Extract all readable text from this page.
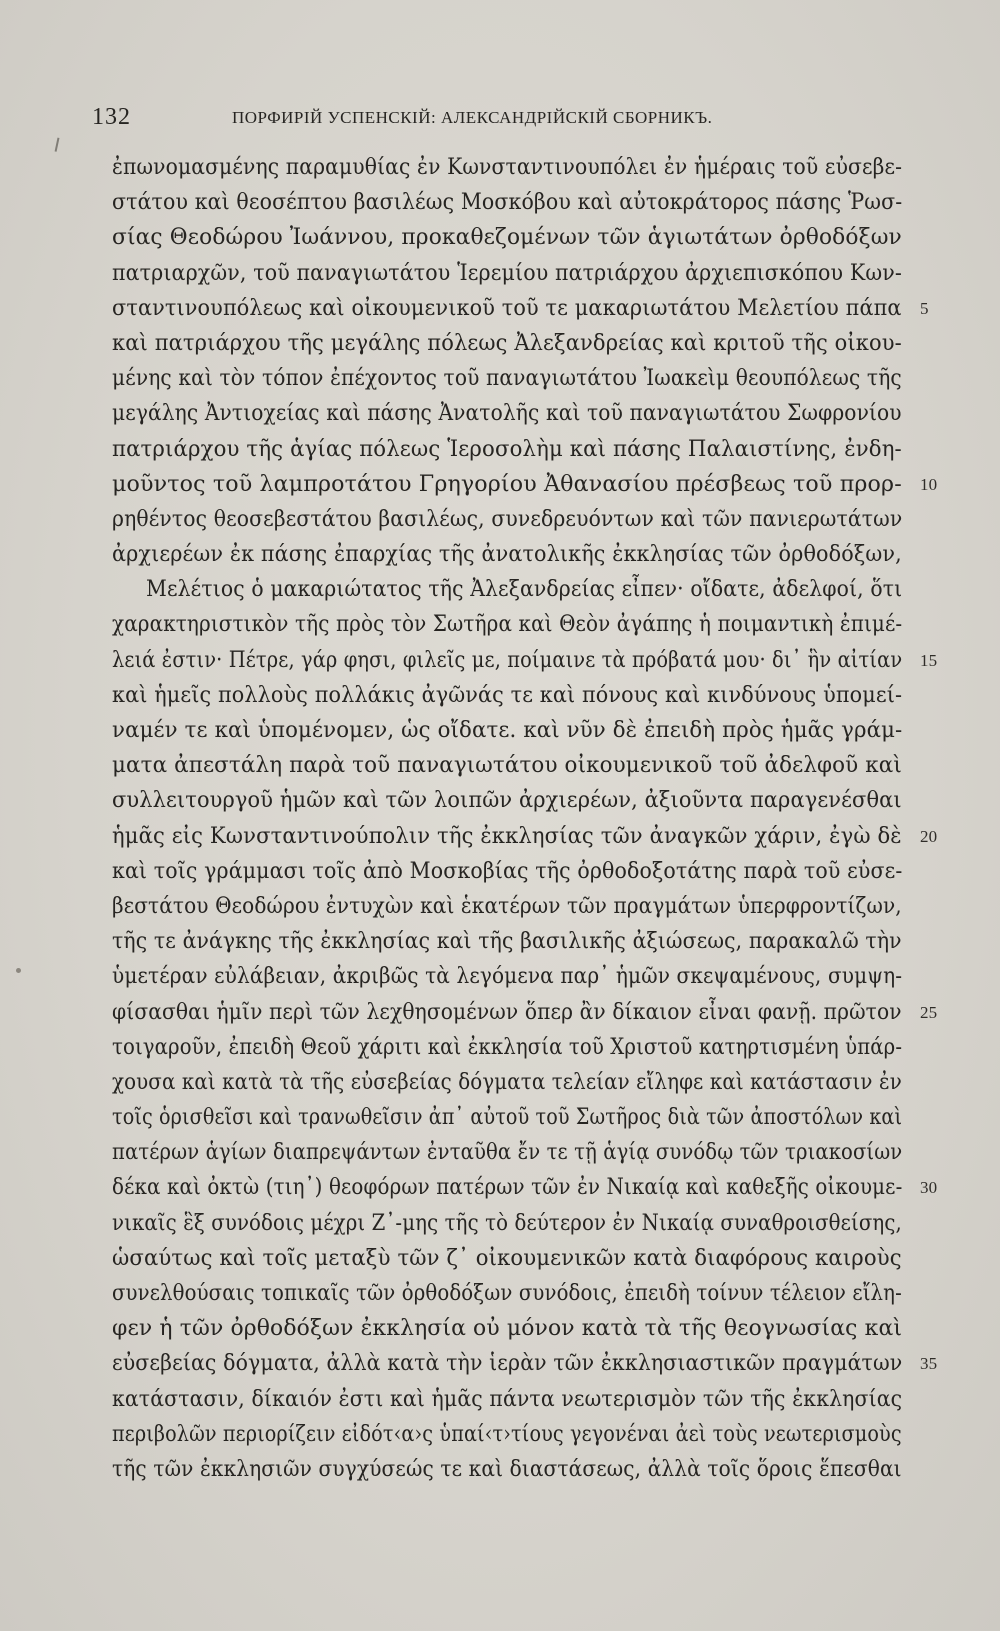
132	ПОРФИРІЙ УСПЕНСКІЙ: АЛЕКСАНДРІЙСКІЙ СБОРНИКЪ.
ἐπωνομασμένης παραμυθίας ἐν Κωνσταντινουπόλει ἐν ἡμέραις τοῦ εὐσεβε-
στάτου καὶ θεοσέπτου βασιλέως Μοσκόβου καὶ αὐτοκράτορος πάσης Ῥωσ-
σίας Θεοδώρου Ἰωάννου, προκαθεζομένων τῶν ἁγιωτάτων ὀρθοδόξων
πατριαρχῶν, τοῦ παναγιωτάτου Ἱερεμίου πατριάρχου ἀρχιεπισκόπου Κων-
σταντινουπόλεως καὶ οἰκουμενικοῦ τοῦ τε μακαριωτάτου Μελετίου πάπα 5
καὶ πατριάρχου τῆς μεγάλης πόλεως Ἀλεξανδρείας καὶ κριτοῦ τῆς οἰκου-
μένης καὶ τὸν τόπον ἐπέχοντος τοῦ παναγιωτάτου Ἰωακεὶμ θεουπόλεως τῆς
μεγάλης Ἀντιοχείας καὶ πάσης Ἀνατολῆς καὶ τοῦ παναγιωτάτου Σωφρονίου
πατριάρχου τῆς ἁγίας πόλεως Ἱεροσολὴμ καὶ πάσης Παλαιστίνης, ἐνδη-
μοῦντος τοῦ λαμπροτάτου Γρηγορίου Ἀθανασίου πρέσβεως τοῦ προρ- 10
ρηθέντος θεοσεβεστάτου βασιλέως, συνεδρευόντων καὶ τῶν πανιερωτάτων
ἀρχιερέων ἐκ πάσης ἐπαρχίας τῆς ἀνατολικῆς ἐκκλησίας τῶν ὀρθοδόξων,
Μελέτιος ὁ μακαριώτατος τῆς Ἀλεξανδρείας εἶπεν· οἴδατε, ἀδελφοί, ὅτι
χαρακτηριστικὸν τῆς πρὸς τὸν Σωτῆρα καὶ Θεὸν ἀγάπης ἡ ποιμαντικὴ ἐπιμέ-
λειά ἐστιν· Πέτρε, γάρ φησι, φιλεῖς με, ποίμαινε τὰ πρόβατά μου· δι᾽ ἣν αἰτίαν 15
καὶ ἡμεῖς πολλοὺς πολλάκις ἀγῶνάς τε καὶ πόνους καὶ κινδύνους ὑπομεί-
ναμέν τε καὶ ὑπομένομεν, ὡς οἴδατε. καὶ νῦν δὲ ἐπειδὴ πρὸς ἡμᾶς γράμ-
ματα ἀπεστάλη παρὰ τοῦ παναγιωτάτου οἰκουμενικοῦ τοῦ ἀδελφοῦ καὶ
συλλειτουργοῦ ἡμῶν καὶ τῶν λοιπῶν ἀρχιερέων, ἀξιοῦντα παραγενέσθαι
ἡμᾶς εἰς Κωνσταντινούπολιν τῆς ἐκκλησίας τῶν ἀναγκῶν χάριν, ἐγὼ δὲ 20
καὶ τοῖς γράμμασι τοῖς ἀπὸ Μοσκοβίας τῆς ὀρθοδοξοτάτης παρὰ τοῦ εὐσε-
βεστάτου Θεοδώρου ἐντυχὼν καὶ ἑκατέρων τῶν πραγμάτων ὑπερφροντίζων,
τῆς τε ἀνάγκης τῆς ἐκκλησίας καὶ τῆς βασιλικῆς ἀξιώσεως, παρακαλῶ τὴν
ὑμετέραν εὐλάβειαν, ἀκριβῶς τὰ λεγόμενα παρ᾽ ἡμῶν σκεψαμένους, συμψη-
φίσασθαι ἡμῖν περὶ τῶν λεχθησομένων ὅπερ ἂν δίκαιον εἶναι φανῇ. πρῶτον 25
τοιγαροῦν, ἐπειδὴ Θεοῦ χάριτι καὶ ἐκκλησία τοῦ Χριστοῦ κατηρτισμένη ὑπάρ-
χουσα καὶ κατὰ τὰ τῆς εὐσεβείας δόγματα τελείαν εἴληφε καὶ κατάστασιν ἐν
τοῖς ὁρισθεῖσι καὶ τρανωθεῖσιν ἀπ᾽ αὐτοῦ τοῦ Σωτῆρος διὰ τῶν ἀποστόλων καὶ
πατέρων ἁγίων διαπρεψάντων ἐνταῦθα ἔν τε τῇ ἁγίᾳ συνόδῳ τῶν τριακοσίων
δέκα καὶ ὀκτὼ (τιη᾽) θεοφόρων πατέρων τῶν ἐν Νικαίᾳ καὶ καθεξῆς οἰκουμε- 30
νικαῖς ἓξ συνόδοις μέχρι Ζ᾽-μης τῆς τὸ δεύτερον ἐν Νικαίᾳ συναθροισθείσης,
ὡσαύτως καὶ τοῖς μεταξὺ τῶν ζ᾽ οἰκουμενικῶν κατὰ διαφόρους καιροὺς
συνελθούσαις τοπικαῖς τῶν ὀρθοδόξων συνόδοις, ἐπειδὴ τοίνυν τέλειον εἴλη-
φεν ἡ τῶν ὀρθοδόξων ἐκκλησία οὐ μόνον κατὰ τὰ τῆς θεογνωσίας καὶ
εὐσεβείας δόγματα, ἀλλὰ κατὰ τὴν ἱερὰν τῶν ἐκκλησιαστικῶν πραγμάτων 35
κατάστασιν, δίκαιόν ἐστι καὶ ἡμᾶς πάντα νεωτερισμὸν τῶν τῆς ἐκκλησίας
περιβολῶν περιορίζειν εἰδότ‹α›ς ὑπαί‹τ›τίους γεγονέναι ἀεὶ τοὺς νεωτερισμοὺς
τῆς τῶν ἐκκλησιῶν συγχύσεώς τε καὶ διαστάσεως, ἀλλὰ τοῖς ὅροις ἕπεσθαι
